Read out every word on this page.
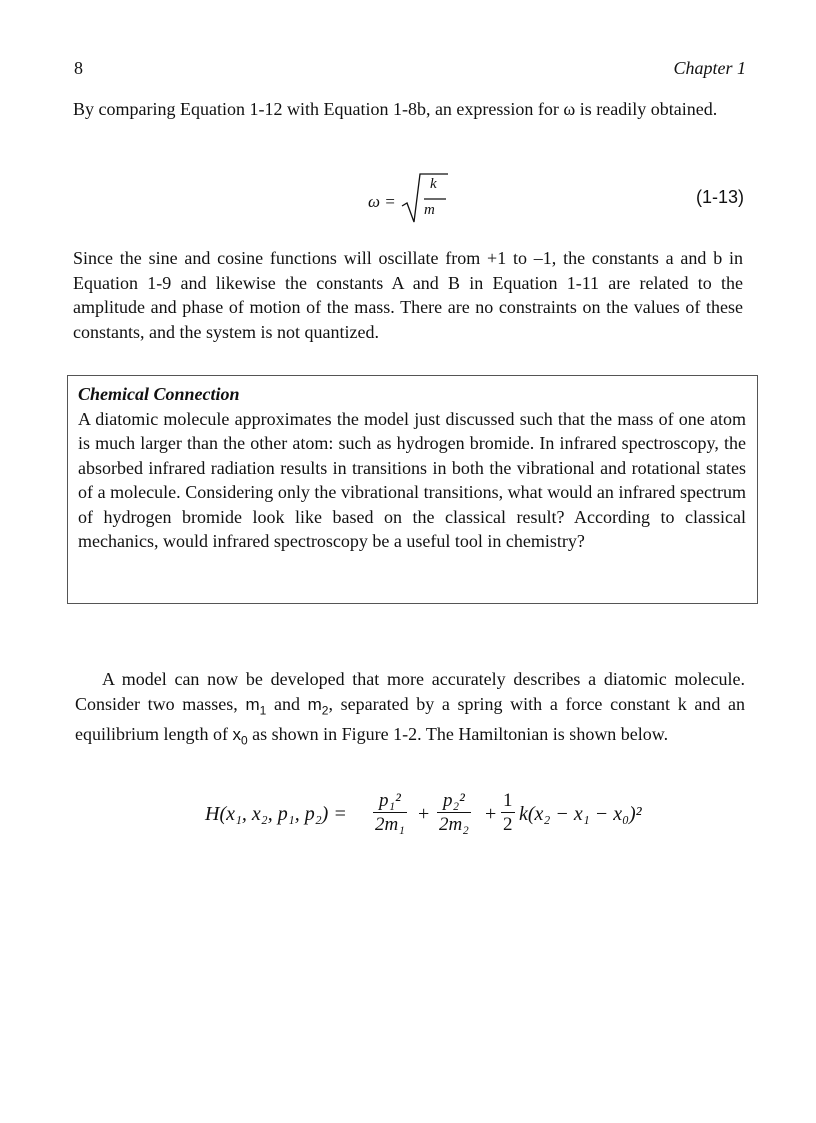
8	Chapter 1
By comparing Equation 1-12 with Equation 1-8b, an expression for ω is readily obtained.
ω =
k
m
(1-13)
Since the sine and cosine functions will oscillate from +1 to –1, the constants a and b in Equation 1-9 and likewise the constants A and B in Equation 1-11 are related to the amplitude and phase of motion of the mass. There are no constraints on the values of these constants, and the system is not quantized.
Chemical Connection
A diatomic molecule approximates the model just discussed such that the mass of one atom is much larger than the other atom: such as hydrogen bromide. In infrared spectroscopy, the absorbed infrared radiation results in transitions in both the vibrational and rotational states of a molecule. Considering only the vibrational transitions, what would an infrared spectrum of hydrogen bromide look like based on the classical result? According to classical mechanics, would infrared spectroscopy be a useful tool in chemistry?
A model can now be developed that more accurately describes a diatomic molecule. Consider two masses, $m_1$ and $m_2$, separated by a spring with a force constant k and an equilibrium length of $x_0$ as shown in Figure 1-2. The Hamiltonian is shown below.
H(x₁, x₂, p₁, $p_2) = \frac{\text{p₁²}}{\text{2m₁}} + \frac{\text{p₂²}}{\text{2m₂}} + \frac{1}{2} k(x_2 - x_1 - x_0)^2$
